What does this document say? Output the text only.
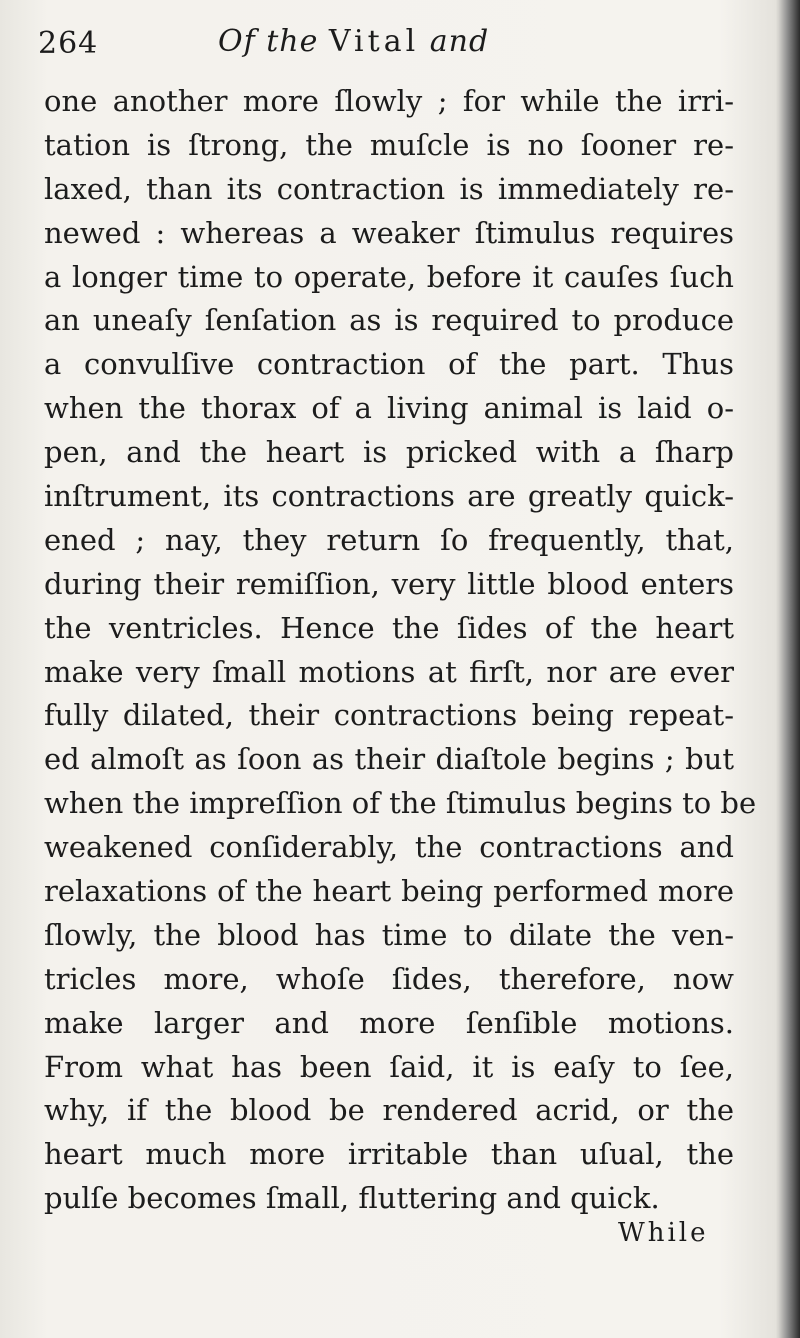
264	Of the Vital and
one another more ſlowly ; for while the irri-
tation is ſtrong, the muſcle is no ſooner re-
laxed, than its contraction is immediately re-
newed : whereas a weaker ſtimulus requires
a longer time to operate, before it cauſes ſuch
an uneaſy ſenſation as is required to produce
a convulſive contraction of the part. Thus
when the thorax of a living animal is laid o-
pen, and the heart is pricked with a ſharp
inſtrument, its contractions are greatly quick-
ened ; nay, they return ſo frequently, that,
during their remiſſion, very little blood enters
the ventricles. Hence the ſides of the heart
make very ſmall motions at firſt, nor are ever
fully dilated, their contractions being repeat-
ed almoſt as ſoon as their diaſtole begins ; but
when the impreſſion of the ſtimulus begins to be
weakened conſiderably, the contractions and
relaxations of the heart being performed more
ſlowly, the blood has time to dilate the ven-
tricles more, whoſe ſides, therefore, now
make larger and more ſenſible motions.
From what has been ſaid, it is eaſy to ſee,
why, if the blood be rendered acrid, or the
heart much more irritable than uſual, the
pulſe becomes ſmall, fluttering and quick.
While
